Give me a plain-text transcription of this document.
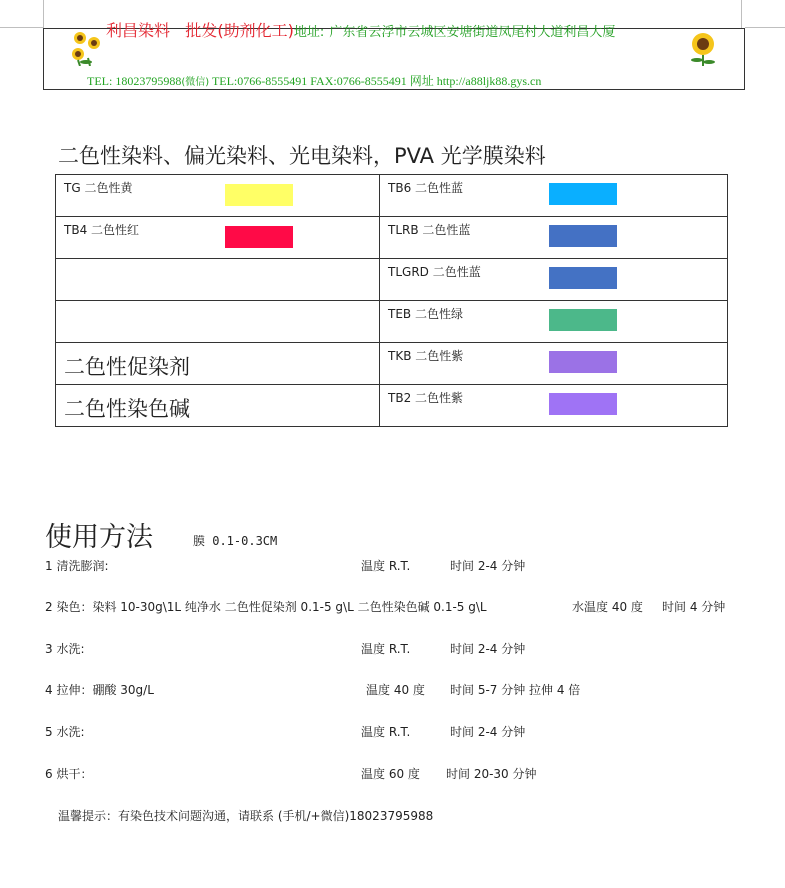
利昌染料 批发(助剂化工)地址: 广东省云浮市云城区安塘街道凤尾村大道利昌大厦
TEL: 18023795988(微信) TEL:0766-8555491 FAX:0766-8555491 网址 http://a88ljk88.gys.cn
二色性染料、偏光染料、光电染料，PVA 光学膜染料
TG 二色性黄	TB6 二色性蓝

TB4 二色性红	TLRB 二色性蓝

	TLGRD 二色性蓝

	TEB 二色性绿

二色性促染剂	TKB 二色性紫

二色性染色碱	TB2 二色性紫
使用方法	膜 0.1-0.3CM
1 清洗膨润:	温度 R.T.	时间 2-4 分钟
2 染色：染料 10-30g\1L 纯净水 二色性促染剂 0.1-5 g\L 二色性染色碱 0.1-5 g\L	水温度 40 度 时间 4 分钟
3 水洗:	温度 R.T.	时间 2-4 分钟
4 拉伸：硼酸 30g/L	温度 40 度 时间 5-7 分钟 拉伸 4 倍
5 水洗:	温度 R.T.	时间 2-4 分钟
6 烘干：	温度 60 度 时间 20-30 分钟
温馨提示：有染色技术问题沟通，请联系 (手机/+微信)18023795988
